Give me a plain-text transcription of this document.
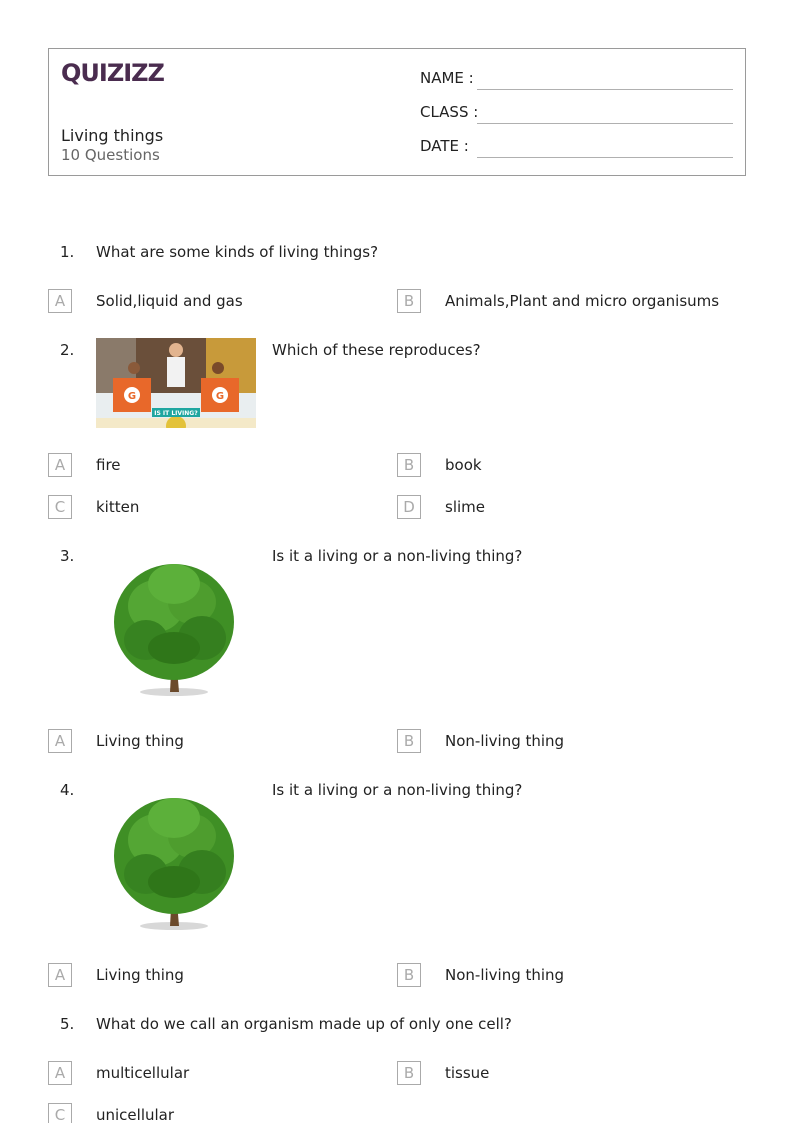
QUIZIZZ
Living things
10 Questions
NAME :
CLASS :
DATE :
1. What are some kinds of living things?
A	Solid,liquid and gas	B	Animals,Plant and micro organisums
2.
G	G
IS IT LIVING?
Which of these reproduces?
A	fire	B	book
C	kitten	D	slime
3.	Is it a living or a non-living thing?
A	Living thing	B	Non-living thing
4.	Is it a living or a non-living thing?
A	Living thing	B	Non-living thing
5. What do we call an organism made up of only one cell?
A	multicellular	B	tissue
C	unicellular
